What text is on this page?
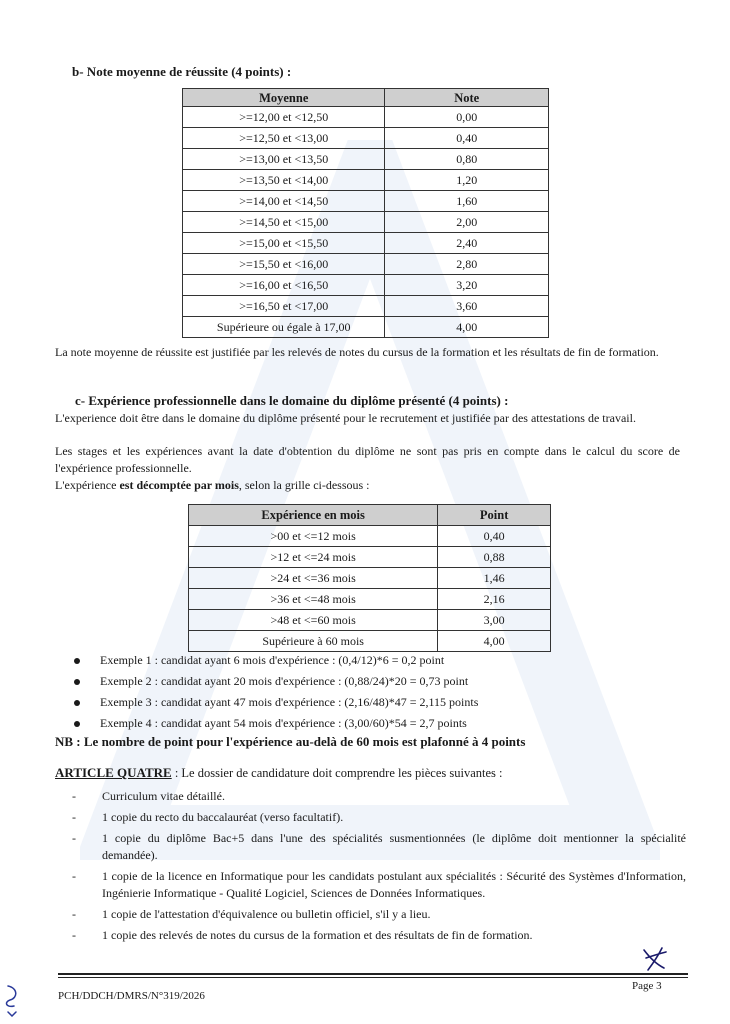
b- Note moyenne de réussite (4 points) :
Moyenne	Note
>=12,00 et <12,50	0,00
>=12,50 et <13,00	0,40
>=13,00 et <13,50	0,80
>=13,50 et <14,00	1,20
>=14,00 et <14,50	1,60
>=14,50 et <15,00	2,00
>=15,00 et <15,50	2,40
>=15,50 et <16,00	2,80
>=16,00 et <16,50	3,20
>=16,50 et <17,00	3,60
Supérieure ou égale à 17,00	4,00
La note moyenne de réussite est justifiée par les relevés de notes du cursus de la formation et les résultats de fin de formation.
c- Expérience professionnelle dans le domaine du diplôme présenté (4 points) :
L'experience doit être dans le domaine du diplôme présenté pour le recrutement et justifiée par des attestations de travail.
Les stages et les expériences avant la date d'obtention du diplôme ne sont pas pris en compte dans le calcul du score de l'expérience professionnelle.
L'expérience est décomptée par mois, selon la grille ci-dessous :
Expérience en mois	Point
>00 et <=12 mois	0,40
>12 et <=24 mois	0,88
>24 et <=36 mois	1,46
>36 et <=48 mois	2,16
>48 et <=60 mois	3,00
Supérieure à 60 mois	4,00
Exemple 1 : candidat ayant 6 mois d'expérience : (0,4/12)*6 = 0,2 point
Exemple 2 : candidat ayant 20 mois d'expérience : (0,88/24)*20 = 0,73 point
Exemple 3 : candidat ayant 47 mois d'expérience : (2,16/48)*47 = 2,115 points
Exemple 4 : candidat ayant 54 mois d'expérience : (3,00/60)*54 = 2,7 points
NB : Le nombre de point pour l'expérience au-delà de 60 mois est plafonné à 4 points
ARTICLE QUATRE : Le dossier de candidature doit comprendre les pièces suivantes :
- Curriculum vitae détaillé.
- 1 copie du recto du baccalauréat (verso facultatif).
- 1 copie du diplôme Bac+5 dans l'une des spécialités susmentionnées (le diplôme doit mentionner la spécialité demandée).
- 1 copie de la licence en Informatique pour les candidats postulant aux spécialités : Sécurité des Systèmes d'Information, Ingénierie Informatique - Qualité Logiciel, Sciences de Données Informatiques.
- 1 copie de l'attestation d'équivalence ou bulletin officiel, s'il y a lieu.
- 1 copie des relevés de notes du cursus de la formation et des résultats de fin de formation.
PCH/DDCH/DMRS/N°319/2026
Page 3
